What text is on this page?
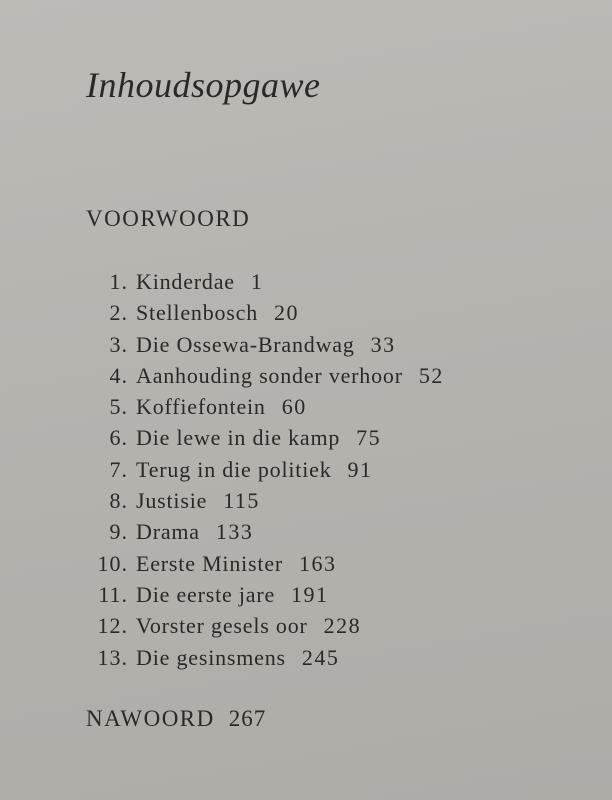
Inhoudsopgawe
VOORWOORD
1. Kinderdae 1
2. Stellenbosch 20
3. Die Ossewa-Brandwag 33
4. Aanhouding sonder verhoor 52
5. Koffiefontein 60
6. Die lewe in die kamp 75
7. Terug in die politiek 91
8. Justisie 115
9. Drama 133
10. Eerste Minister 163
11. Die eerste jare 191
12. Vorster gesels oor 228
13. Die gesinsmens 245
NAWOORD 267
